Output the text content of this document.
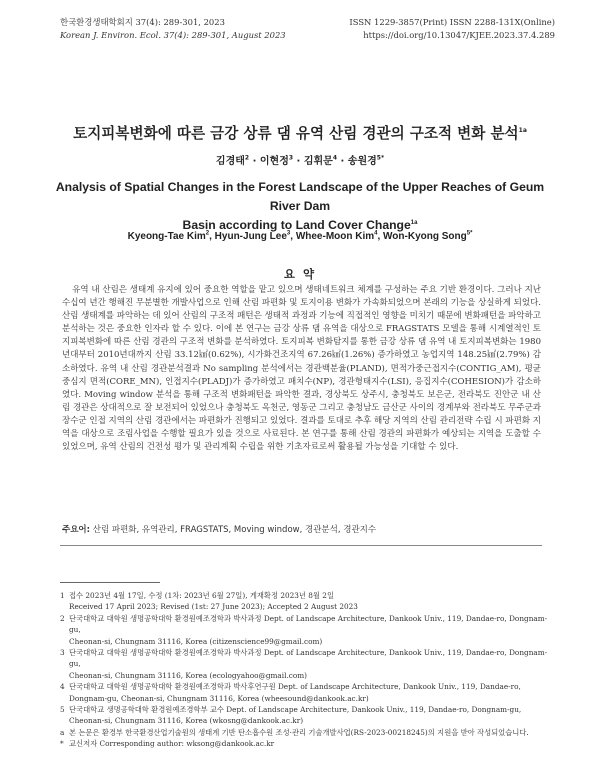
한국환경생태학회지 37(4): 289-301, 2023
Korean J. Environ. Ecol. 37(4): 289-301, August 2023
ISSN 1229-3857(Print) ISSN 2288-131X(Online)
https://doi.org/10.13047/KJEE.2023.37.4.289
토지피복변화에 따른 금강 상류 댐 유역 산림 경관의 구조적 변화 분석$^{1a}$
김경태$^2$ · 이현정$^3$ · 김휘문$^4$ · 송원경$^{5*}$
Analysis of Spatial Changes in the Forest Landscape of the Upper Reaches of Geum River Dam
Basin according to Land Cover Change$^{1a}$
Kyeong-Tae Kim$^2$, Hyun-Jung Lee$^3$, Whee-Moon Kim$^4$, Won-Kyong Song$^{5*}$
요 약
유역 내 산림은 생태계 유지에 있어 중요한 역할을 맡고 있으며 생태네트워크 체계를 구성하는 주요 기반 환경이다. 그러나 지난 수십여 년간 행해진 무분별한 개발사업으로 인해 산림 파편화 및 토지이용 변화가 가속화되었으며 본래의 기능을 상실하게 되었다. 산림 생태계를 파악하는 데 있어 산림의 구조적 패턴은 생태적 과정과 기능에 직접적인 영향을 미치기 때문에 변화패턴을 파악하고 분석하는 것은 중요한 인자라 할 수 있다. 이에 본 연구는 금강 상류 댐 유역을 대상으로 FRAGSTATS 모델을 통해 시계열적인 토지피복변화에 따른 산림 경관의 구조적 변화를 분석하였다. 토지피복 변화탐지를 통한 금강 상류 댐 유역 내 토지피복변화는 1980년대부터 2010년대까지 산림 33.12㎢(0.62%), 시가화건조지역 67.26㎢(1.26%) 증가하였고 농업지역 148.25㎢(2.79%) 감소하였다. 유역 내 산림 경관분석결과 No sampling 분석에서는 경관백분율(PLAND), 면적가중근접지수(CONTIG_AM), 평균 중심지 면적(CORE_MN), 인접지수(PLADJ)가 증가하였고 패치수(NP), 경관형태지수(LSI), 응집지수(COHESION)가 감소하였다. Moving window 분석을 통해 구조적 변화패턴을 파악한 결과, 경상북도 상주시, 충청북도 보은군, 전라북도 진안군 내 산림 경관은 상대적으로 잘 보전되어 있었으나 충청북도 옥천군, 영동군 그리고 충청남도 금산군 사이의 경계부와 전라북도 무주군과 장수군 인접 지역의 산림 경관에서는 파편화가 진행되고 있었다. 결과를 토대로 추후 해당 지역의 산림 관리전략 수립 시 파편화 지역을 대상으로 조림사업을 수행할 필요가 있을 것으로 사료된다. 본 연구를 통해 산림 경관의 파편화가 예상되는 지역을 도출할 수 있었으며, 유역 산림의 건전성 평가 및 관리계획 수립을 위한 기초자료로써 활용될 가능성을 기대할 수 있다.
주요어: 산림 파편화, 유역관리, FRAGSTATS, Moving window, 경관분석, 경관지수
1 접수 2023년 4월 17일, 수정 (1차: 2023년 6월 27일), 게재확정 2023년 8월 2일
Received 17 April 2023; Revised (1st: 27 June 2023); Accepted 2 August 2023
2 단국대학교 대학원 생명공학대학 환경원예조경학과 박사과정 Dept. of Landscape Architecture, Dankook Univ., 119, Dandae-ro, Dongnam-gu,
Cheonan-si, Chungnam 31116, Korea (citizenscience99@gmail.com)
3 단국대학교 대학원 생명공학대학 환경원예조경학과 박사과정 Dept. of Landscape Architecture, Dankook Univ., 119, Dandae-ro, Dongnam-gu,
Cheonan-si, Chungnam 31116, Korea (ecologyahoo@gmail.com)
4 단국대학교 대학원 생명공학대학 환경원예조경학과 박사후연구원 Dept. of Landscape Architecture, Dankook Univ., 119, Dandae-ro,
Dongnam-gu, Cheonan-si, Chungnam 31116, Korea (wheesound@dankook.ac.kr)
5 단국대학교 생명공학대학 환경원예조경학부 교수 Dept. of Landscape Architecture, Dankook Univ., 119, Dandae-ro, Dongnam-gu,
Cheonan-si, Chungnam 31116, Korea (wkosng@dankook.ac.kr)
a 본 논문은 환경부 한국환경산업기술원의 생태계 기반 탄소흡수원 조성·관리 기술개발사업(RS-2023-00218245)의 지원을 받아 작성되었습니다.
* 교신저자 Corresponding author: wksong@dankook.ac.kr
